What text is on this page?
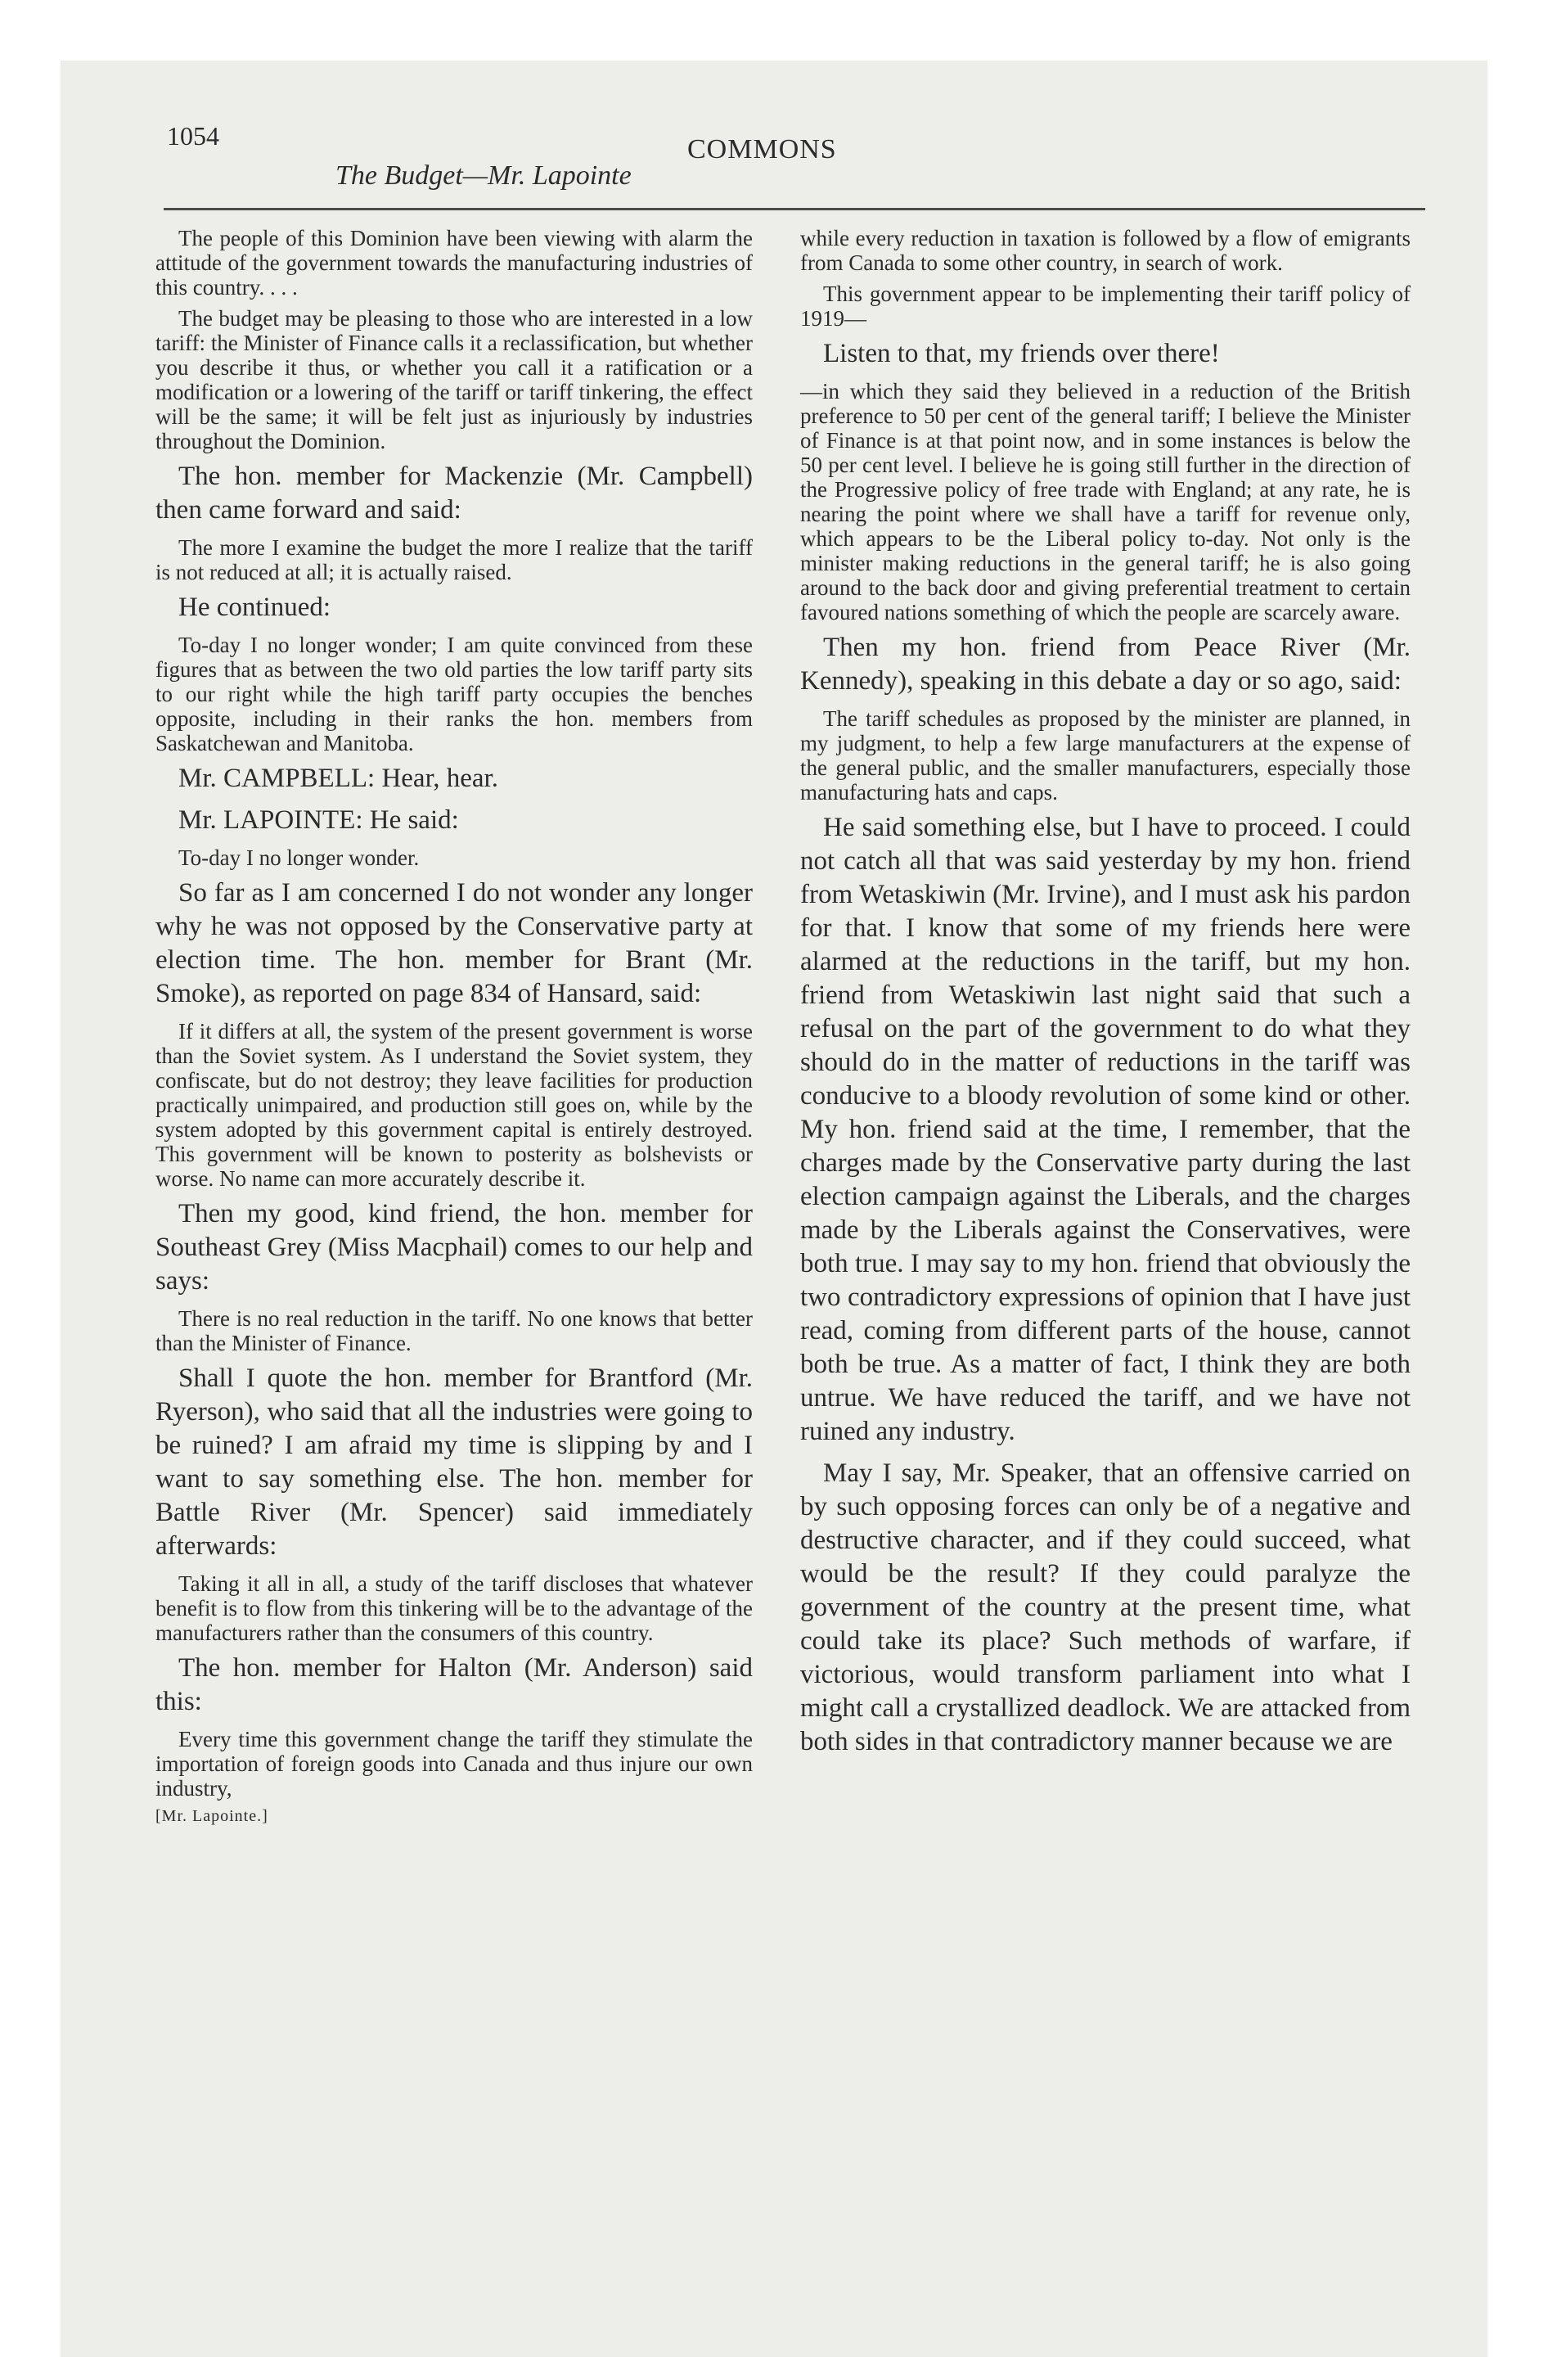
1054
The Budget—Mr. Lapointe
COMMONS

The people of this Dominion have been viewing with alarm the attitude of the government towards the manufacturing industries of this country. . . .

The budget may be pleasing to those who are interested in a low tariff: the Minister of Finance calls it a reclassification, but whether you describe it thus, or whether you call it a ratification or a modification or a lowering of the tariff or tariff tinkering, the effect will be the same; it will be felt just as injuriously by industries throughout the Dominion.

The hon. member for Mackenzie (Mr. Campbell) then came forward and said:

The more I examine the budget the more I realize that the tariff is not reduced at all; it is actually raised.

He continued:

To-day I no longer wonder; I am quite convinced from these figures that as between the two old parties the low tariff party sits to our right while the high tariff party occupies the benches opposite, including in their ranks the hon. members from Saskatchewan and Manitoba.

Mr. CAMPBELL: Hear, hear.

Mr. LAPOINTE: He said:

To-day I no longer wonder.

So far as I am concerned I do not wonder any longer why he was not opposed by the Conservative party at election time. The hon. member for Brant (Mr. Smoke), as reported on page 834 of Hansard, said:

If it differs at all, the system of the present government is worse than the Soviet system. As I understand the Soviet system, they confiscate, but do not destroy; they leave facilities for production practically unimpaired, and production still goes on, while by the system adopted by this government capital is entirely destroyed. This government will be known to posterity as bolshevists or worse. No name can more accurately describe it.

Then my good, kind friend, the hon. member for Southeast Grey (Miss Macphail) comes to our help and says:

There is no real reduction in the tariff. No one knows that better than the Minister of Finance.

Shall I quote the hon. member for Brantford (Mr. Ryerson), who said that all the industries were going to be ruined? I am afraid my time is slipping by and I want to say something else. The hon. member for Battle River (Mr. Spencer) said immediately afterwards:

Taking it all in all, a study of the tariff discloses that whatever benefit is to flow from this tinkering will be to the advantage of the manufacturers rather than the consumers of this country.

The hon. member for Halton (Mr. Anderson) said this:

Every time this government change the tariff they stimulate the importation of foreign goods into Canada and thus injure our own industry,

[Mr. Lapointe.]

while every reduction in taxation is followed by a flow of emigrants from Canada to some other country, in search of work.

This government appear to be implementing their tariff policy of 1919—

Listen to that, my friends over there!

—in which they said they believed in a reduction of the British preference to 50 per cent of the general tariff; I believe the Minister of Finance is at that point now, and in some instances is below the 50 per cent level. I believe he is going still further in the direction of the Progressive policy of free trade with England; at any rate, he is nearing the point where we shall have a tariff for revenue only, which appears to be the Liberal policy to-day. Not only is the minister making reductions in the general tariff; he is also going around to the back door and giving preferential treatment to certain favoured nations something of which the people are scarcely aware.

Then my hon. friend from Peace River (Mr. Kennedy), speaking in this debate a day or so ago, said:

The tariff schedules as proposed by the minister are planned, in my judgment, to help a few large manufacturers at the expense of the general public, and the smaller manufacturers, especially those manufacturing hats and caps.

He said something else, but I have to proceed. I could not catch all that was said yesterday by my hon. friend from Wetaskiwin (Mr. Irvine), and I must ask his pardon for that. I know that some of my friends here were alarmed at the reductions in the tariff, but my hon. friend from Wetaskiwin last night said that such a refusal on the part of the government to do what they should do in the matter of reductions in the tariff was conducive to a bloody revolution of some kind or other. My hon. friend said at the time, I remember, that the charges made by the Conservative party during the last election campaign against the Liberals, and the charges made by the Liberals against the Conservatives, were both true. I may say to my hon. friend that obviously the two contradictory expressions of opinion that I have just read, coming from different parts of the house, cannot both be true. As a matter of fact, I think they are both untrue. We have reduced the tariff, and we have not ruined any industry.

May I say, Mr. Speaker, that an offensive carried on by such opposing forces can only be of a negative and destructive character, and if they could succeed, what would be the result? If they could paralyze the government of the country at the present time, what could take its place? Such methods of warfare, if victorious, would transform parliament into what I might call a crystallized deadlock. We are attacked from both sides in that contradictory manner because we are
